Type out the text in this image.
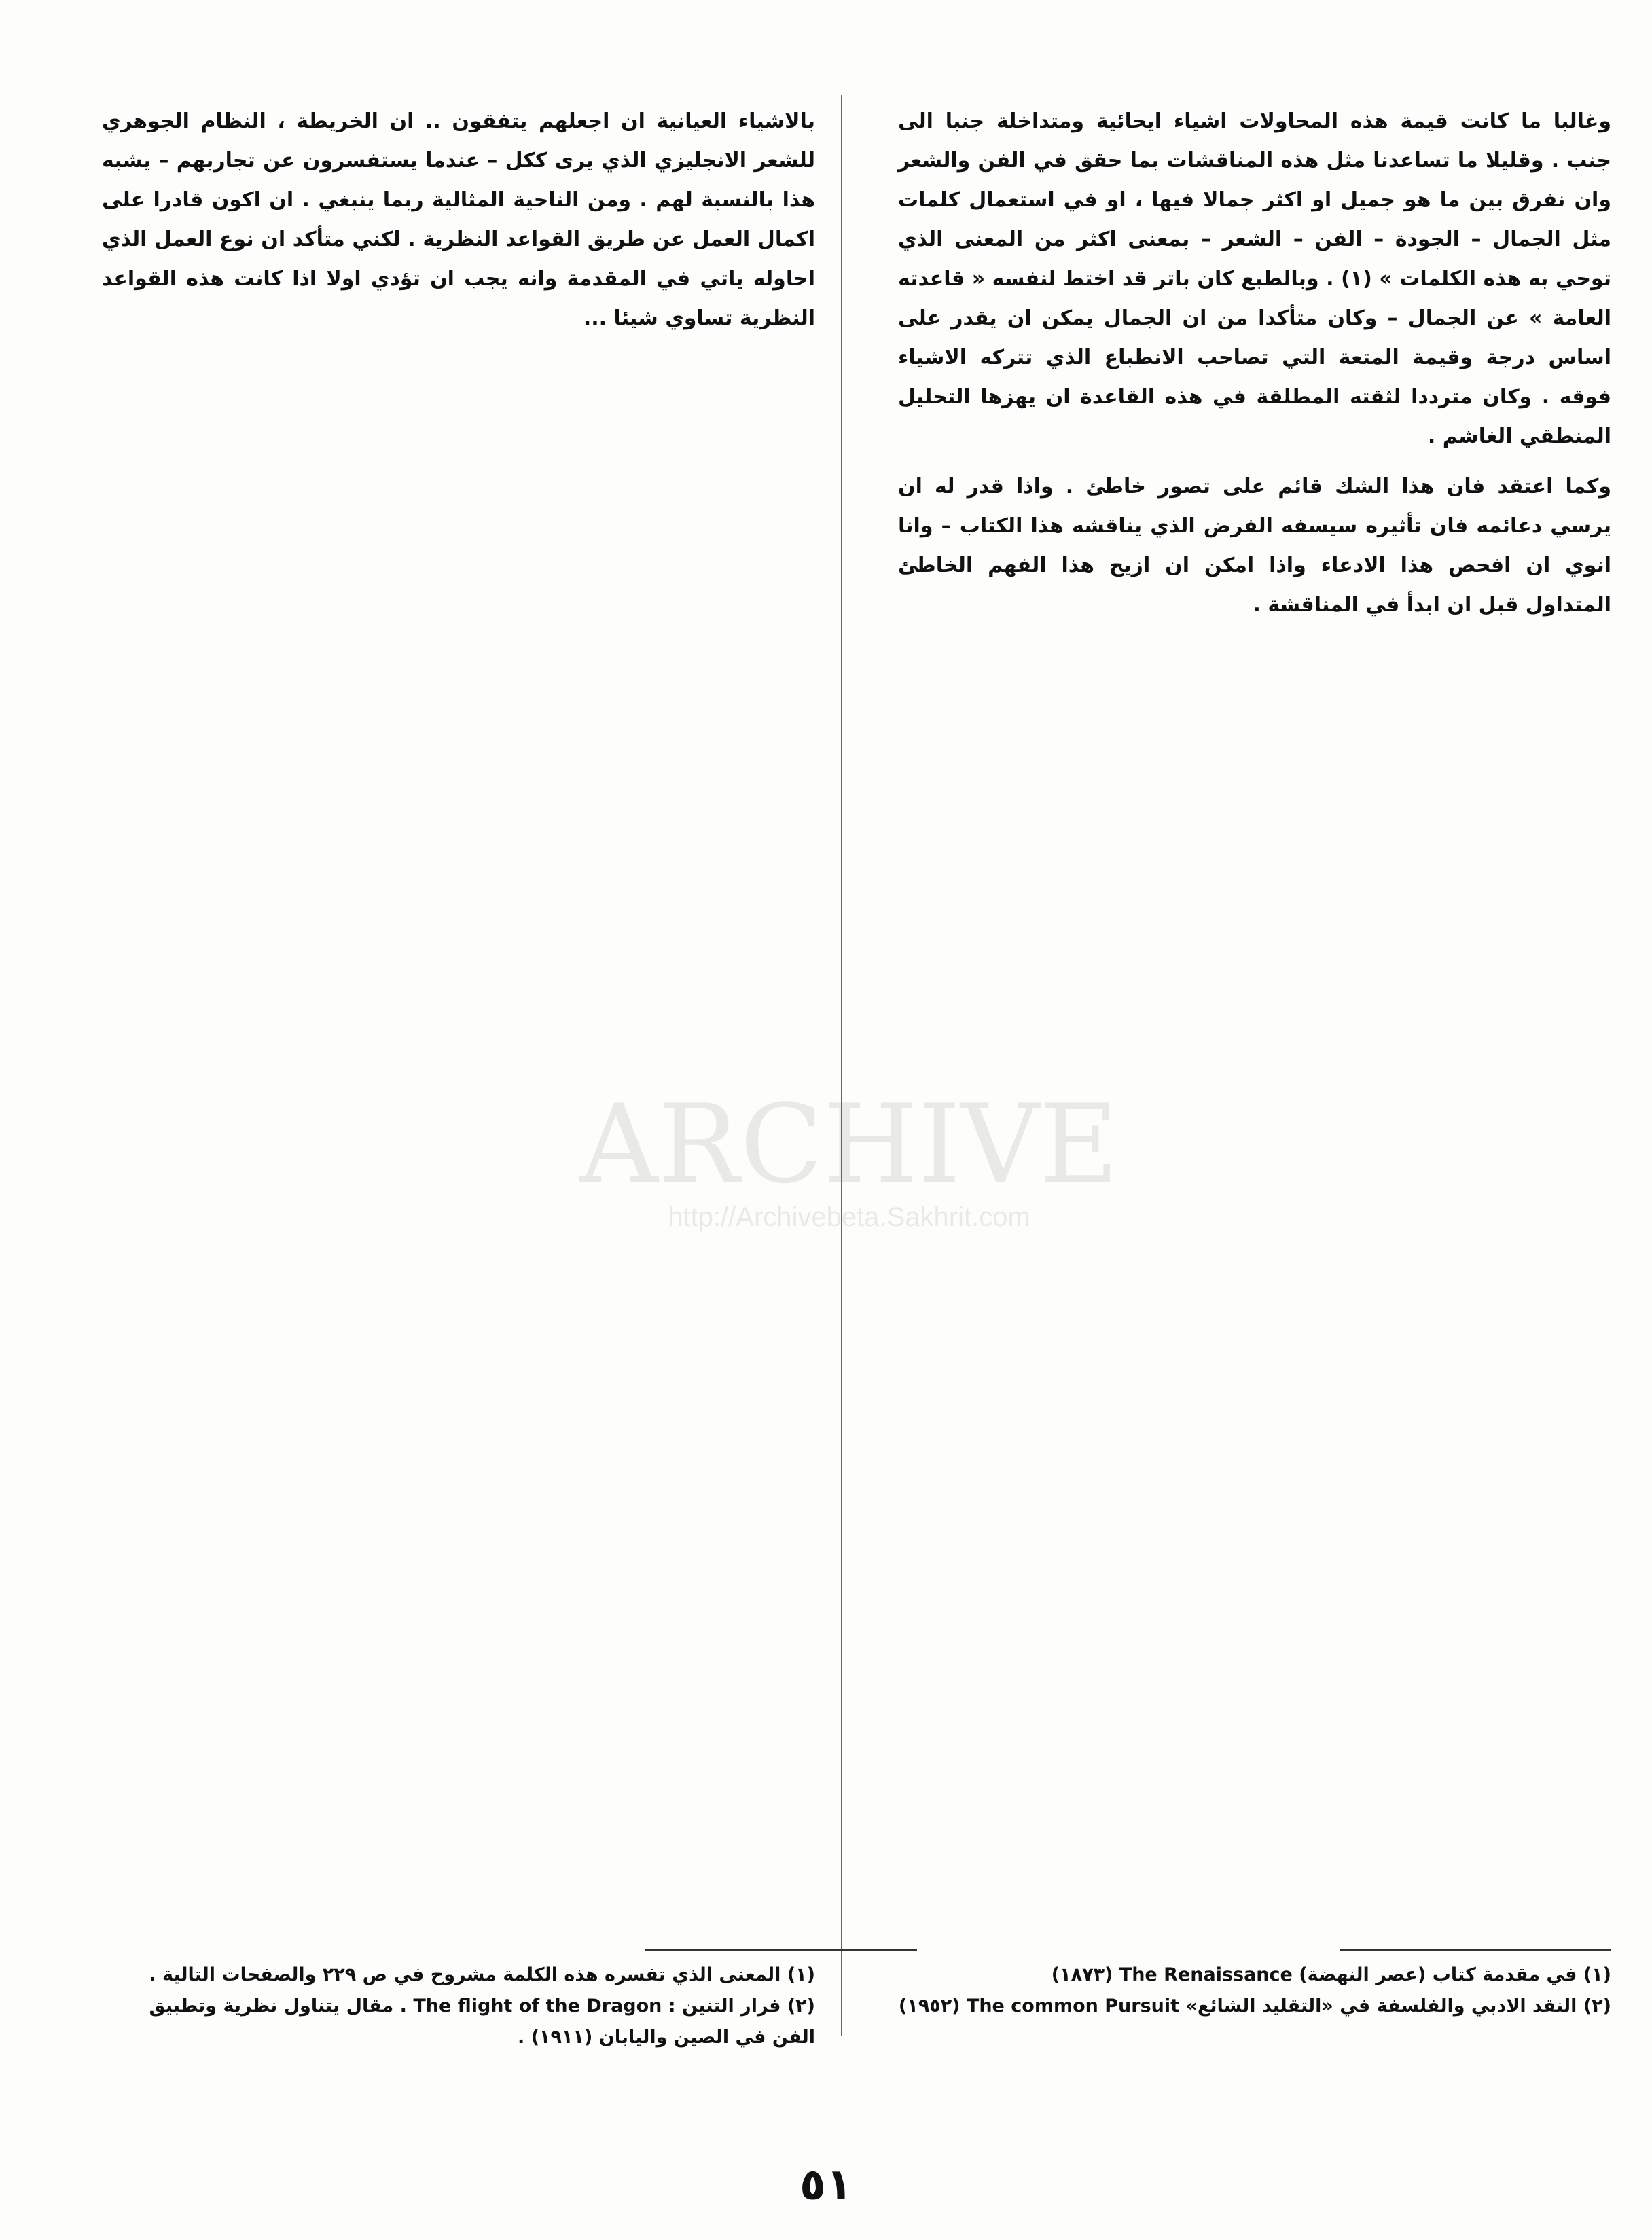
وغالبا ما كانت قيمة هذه المحاولات اشياء ايحائية ومتداخلة جنبا الى جنب . وقليلا ما تساعدنا مثل هذه المناقشات بما حقق في الفن والشعر وان نفرق بين ما هو جميل او اكثر جمالا فيها ، او في استعمال كلمات مثل الجمال – الجودة – الفن – الشعر – بمعنى اكثر من المعنى الذي توحي به هذه الكلمات » (١) . وبالطبع كان باتر قد اختط لنفسه « قاعدته العامة » عن الجمال – وكان متأكدا من ان الجمال يمكن ان يقدر على اساس درجة وقيمة المتعة التي تصاحب الانطباع الذي تتركه الاشياء فوقه . وكان مترددا لثقته المطلقة في هذه القاعدة ان يهزها التحليل المنطقي الغاشم .

وكما اعتقد فان هذا الشك قائم على تصور خاطئ . واذا قدر له ان يرسي دعائمه فان تأثيره سيسفه الفرض الذي يناقشه هذا الكتاب – وانا انوي ان افحص هذا الادعاء واذا امكن ان ازيح هذا الفهم الخاطئ المتداول قبل ان ابدأ في المناقشة .

بالاشياء العيانية ان اجعلهم يتفقون .. ان الخريطة ، النظام الجوهري للشعر الانجليزي الذي يرى ككل – عندما يستفسرون عن تجاربهم – يشبه هذا بالنسبة لهم . ومن الناحية المثالية ربما ينبغي . ان اكون قادرا على اكمال العمل عن طريق القواعد النظرية . لكني متأكد ان نوع العمل الذي احاوله ياتي في المقدمة وانه يجب ان تؤدي اولا اذا كانت هذه القواعد النظرية تساوي شيئا ...

(١) في مقدمة كتاب (عصر النهضة) The Renaissance (١٨٧٣)

(٢) النقد الادبي والفلسفة في «التقليد الشائع» The common Pursuit (١٩٥٢)

(١) المعنى الذي تفسره هذه الكلمة مشروح في ص ٢٢٩ والصفحات التالية .

(٢) فرار التنين : The flight of the Dragon . مقال يتناول نظرية وتطبيق الفن في الصين واليابان (١٩١١) .

٥١
ARCHIVE
http://Archivebeta.Sakhrit.com
